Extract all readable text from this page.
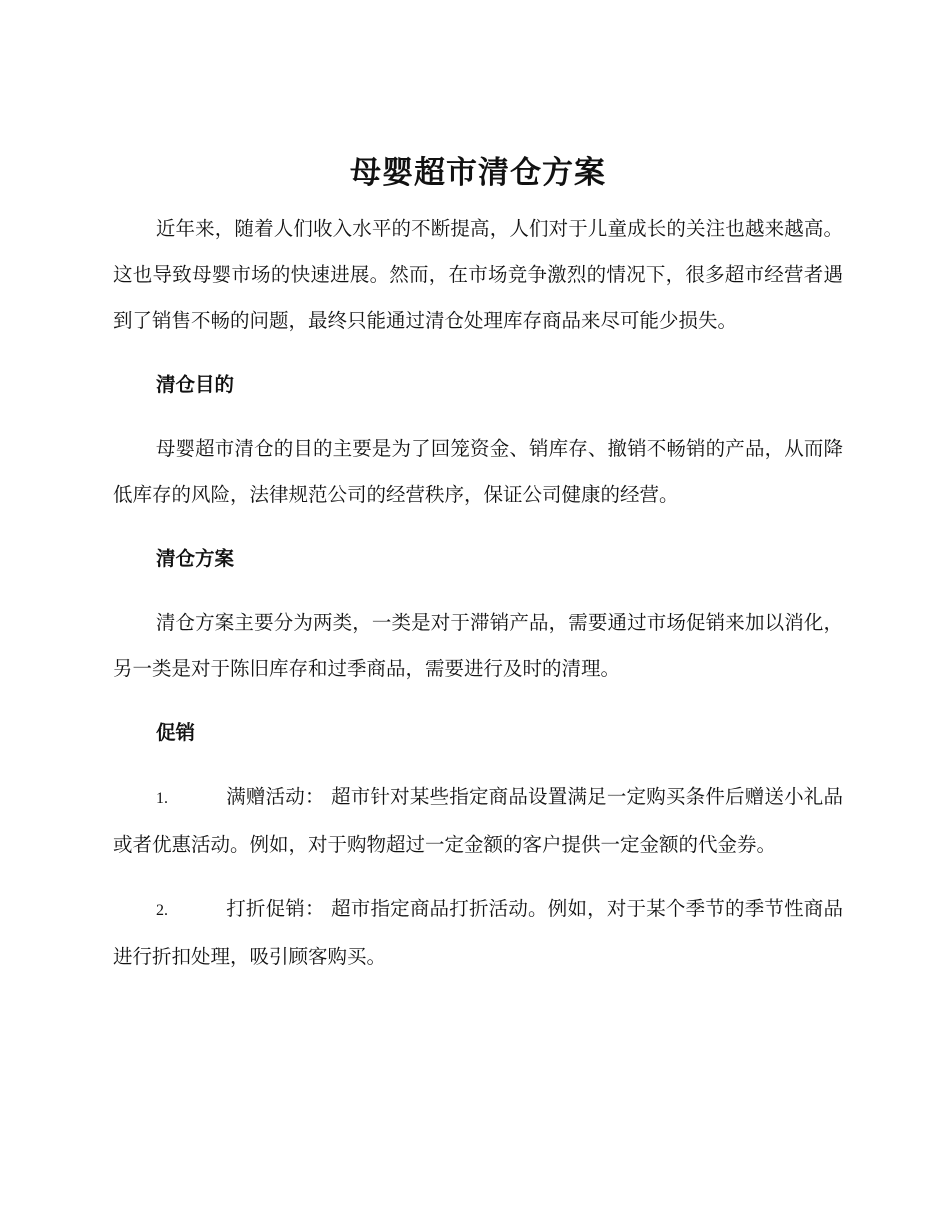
母婴超市清仓方案

近年来，随着人们收入水平的不断提高，人们对于儿童成长的关注也越来越高。这也导致母婴市场的快速进展。然而，在市场竞争激烈的情况下，很多超市经营者遇到了销售不畅的问题，最终只能通过清仓处理库存商品来尽可能少损失。

清仓目的

母婴超市清仓的目的主要是为了回笼资金、销库存、撤销不畅销的产品，从而降低库存的风险，法律规范公司的经营秩序，保证公司健康的经营。

清仓方案

清仓方案主要分为两类，一类是对于滞销产品，需要通过市场促销来加以消化，另一类是对于陈旧库存和过季商品，需要进行及时的清理。

促销
1.	满赠活动： 超市针对某些指定商品设置满足一定购买条件后赠送小礼品或者优惠活动。例如，对于购物超过一定金额的客户提供一定金额的代金券。
2.	打折促销： 超市指定商品打折活动。例如，对于某个季节的季节性商品进行折扣处理，吸引顾客购买。
